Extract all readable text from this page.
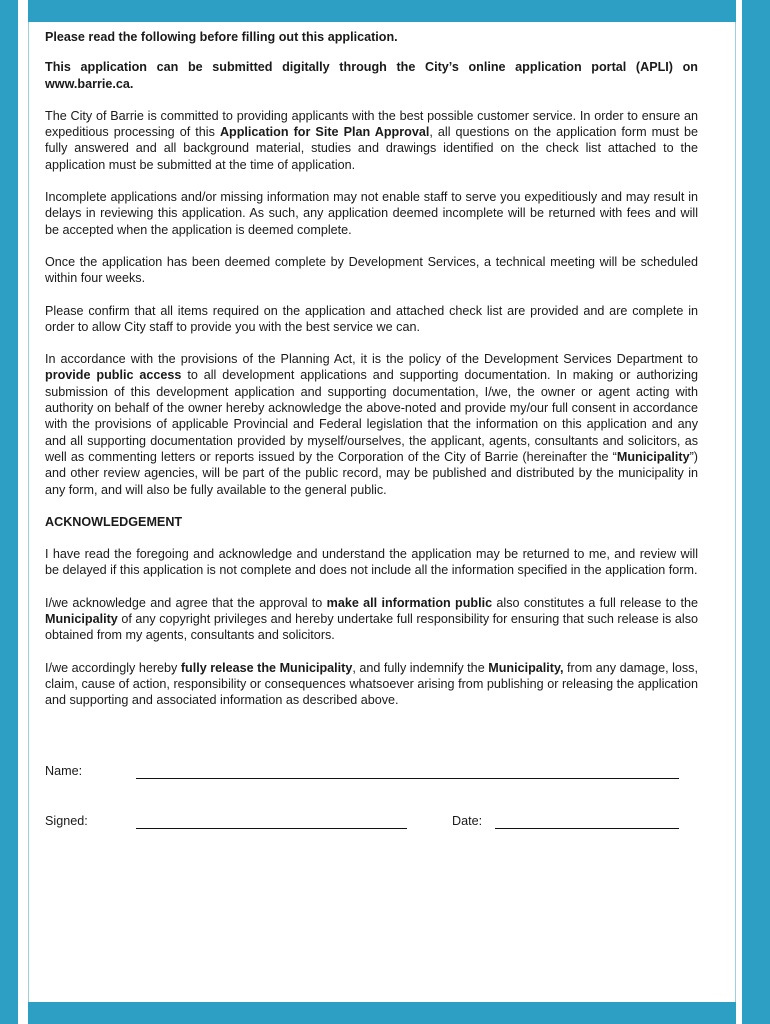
Please read the following before filling out this application.

This application can be submitted digitally through the City’s online application portal (APLI) on www.barrie.ca.

The City of Barrie is committed to providing applicants with the best possible customer service. In order to ensure an expeditious processing of this Application for Site Plan Approval, all questions on the application form must be fully answered and all background material, studies and drawings identified on the check list attached to the application must be submitted at the time of application.

Incomplete applications and/or missing information may not enable staff to serve you expeditiously and may result in delays in reviewing this application. As such, any application deemed incomplete will be returned with fees and will be accepted when the application is deemed complete.

Once the application has been deemed complete by Development Services, a technical meeting will be scheduled within four weeks.

Please confirm that all items required on the application and attached check list are provided and are complete in order to allow City staff to provide you with the best service we can.

In accordance with the provisions of the Planning Act, it is the policy of the Development Services Department to provide public access to all development applications and supporting documentation. In making or authorizing submission of this development application and supporting documentation, I/we, the owner or agent acting with authority on behalf of the owner hereby acknowledge the above-noted and provide my/our full consent in accordance with the provisions of applicable Provincial and Federal legislation that the information on this application and any and all supporting documentation provided by myself/ourselves, the applicant, agents, consultants and solicitors, as well as commenting letters or reports issued by the Corporation of the City of Barrie (hereinafter the “Municipality”) and other review agencies, will be part of the public record, may be published and distributed by the municipality in any form, and will also be fully available to the general public.

ACKNOWLEDGEMENT

I have read the foregoing and acknowledge and understand the application may be returned to me, and review will be delayed if this application is not complete and does not include all the information specified in the application form.

I/we acknowledge and agree that the approval to make all information public also constitutes a full release to the Municipality of any copyright privileges and hereby undertake full responsibility for ensuring that such release is also obtained from my agents, consultants and solicitors.

I/we accordingly hereby fully release the Municipality, and fully indemnify the Municipality, from any damage, loss, claim, cause of action, responsibility or consequences whatsoever arising from publishing or releasing the application and supporting and associated information as described above.

Name:
Signed:	Date:
